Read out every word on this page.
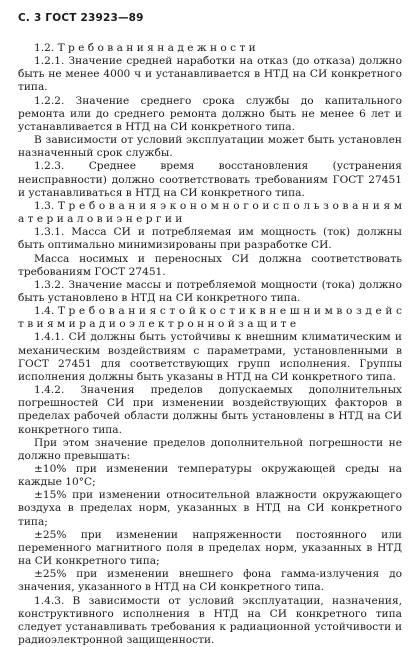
С. 3 ГОСТ 23923—89

1.2. Т р е б о в а н и я н а д е ж н о с т и

1.2.1. Значение средней наработки на отказ (до отказа) должно быть не менее 4000 ч и устанавливается в НТД на СИ конкретного типа.

1.2.2. Значение среднего срока службы до капитального ремонта или до среднего ремонта должно быть не менее 6 лет и устанавливается в НТД на СИ конкретного типа.

В зависимости от условий эксплуатации может быть установлен назначенный срок службы.

1.2.3. Среднее время восстановления (устранения неисправности) должно соответствовать требованиям ГОСТ 27451 и устанавливаться в НТД на СИ конкретного типа.

1.3. Т р е б о в а н и я э к о н о м н о г о и с п о л ь з о в а н и я м а т е р и а л о в и э н е р г и и

1.3.1. Масса СИ и потребляемая им мощность (ток) должны быть оптимально минимизированы при разработке СИ.

Масса носимых и переносных СИ должна соответствовать требованиям ГОСТ 27451.

1.3.2. Значение массы и потребляемой мощности (тока) должно быть установлено в НТД на СИ конкретного типа.

1.4. Т р е б о в а н и я с т о й к о с т и к в н е ш н и м в о з д е й с т в и я м и р а д и о э л е к т р о н н о й з а щ и т е

1.4.1. СИ должны быть устойчивы к внешним климатическим и механическим воздействиям с параметрами, установленными в ГОСТ 27451 для соответствующих групп исполнения. Группы исполнения должны быть указаны в НТД на СИ конкретного типа.

1.4.2. Значения пределов допускаемых дополнительных погрешностей СИ при изменении воздействующих факторов в пределах рабочей области должны быть установлены в НТД на СИ конкретного типа.

При этом значение пределов дополнительной погрешности не должно превышать:

±10% при изменении температуры окружающей среды на каждые 10°С;

±15% при изменении относительной влажности окружающего воздуха в пределах норм, указанных в НТД на СИ конкретного типа;

±25% при изменении напряженности постоянного или переменного магнитного поля в пределах норм, указанных в НТД на СИ конкретного типа;

±25% при изменении внешнего фона гамма-излучения до значения, указанного в НТД на СИ конкретного типа.

1.4.3. В зависимости от условий эксплуатации, назначения, конструктивного исполнения в НТД на СИ конкретного типа следует устанавливать требования к радиационной устойчивости и радиоэлектронной защищенности.
